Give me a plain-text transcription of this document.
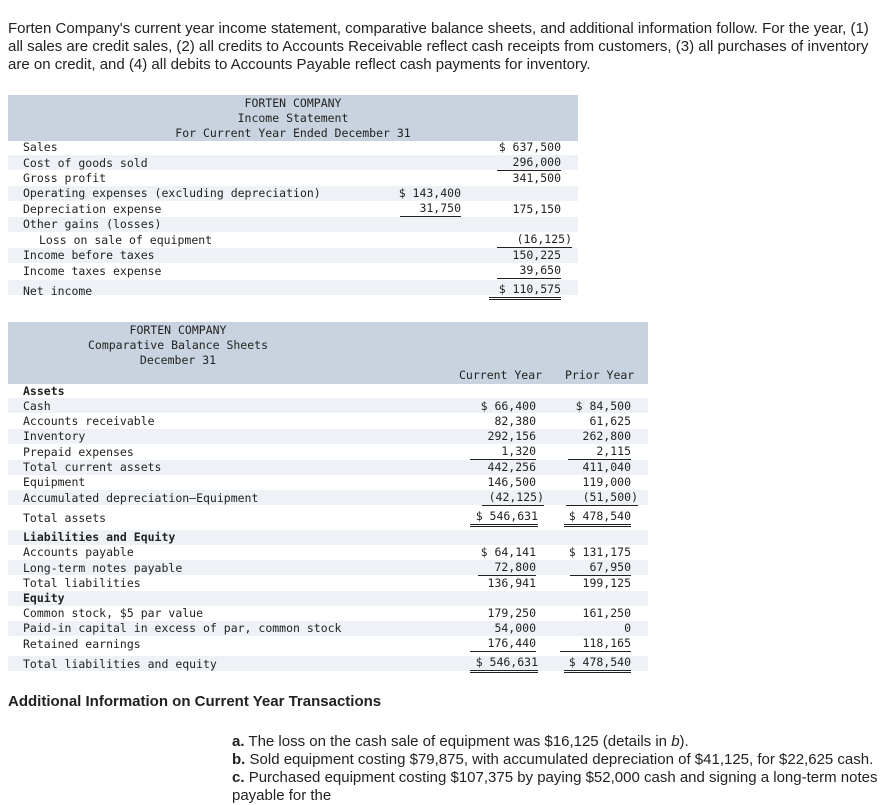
Forten Company's current year income statement, comparative balance sheets, and additional information follow. For the year, (1) all sales are credit sales, (2) all credits to Accounts Receivable reflect cash receipts from customers, (3) all purchases of inventory are on credit, and (4) all debits to Accounts Payable reflect cash payments for inventory.
FORTEN COMPANY
Income Statement
For Current Year Ended December 31
Sales	$ 637,500
Cost of goods sold	296,000
Gross profit	341,500
Operating expenses (excluding depreciation)	$ 143,400
Depreciation expense	31,750	175,150
Other gains (losses)
Loss on sale of equipment	(16,125)
Income before taxes	150,225
Income taxes expense	39,650
Net income	$ 110,575
FORTEN COMPANY
Comparative Balance Sheets
December 31
Current Year Prior Year
Assets
Cash	$ 66,400	$ 84,500
Accounts receivable	82,380	61,625
Inventory	292,156	262,800
Prepaid expenses	1,320	2,115
Total current assets	442,256	411,040
Equipment	146,500	119,000
Accumulated depreciation—Equipment	(42,125)	(51,500)
Total assets	$ 546,631	$ 478,540
Liabilities and Equity
Accounts payable	$ 64,141	$ 131,175
Long-term notes payable	72,800	67,950
Total liabilities	136,941	199,125
Equity
Common stock, $5 par value	179,250	161,250
Paid-in capital in excess of par, common stock	54,000	0
Retained earnings	176,440	118,165
Total liabilities and equity	$ 546,631	$ 478,540
Additional Information on Current Year Transactions
a. The loss on the cash sale of equipment was $16,125 (details in b).
b. Sold equipment costing $79,875, with accumulated depreciation of $41,125, for $22,625 cash.
c. Purchased equipment costing $107,375 by paying $52,000 cash and signing a long-term notes payable for the
